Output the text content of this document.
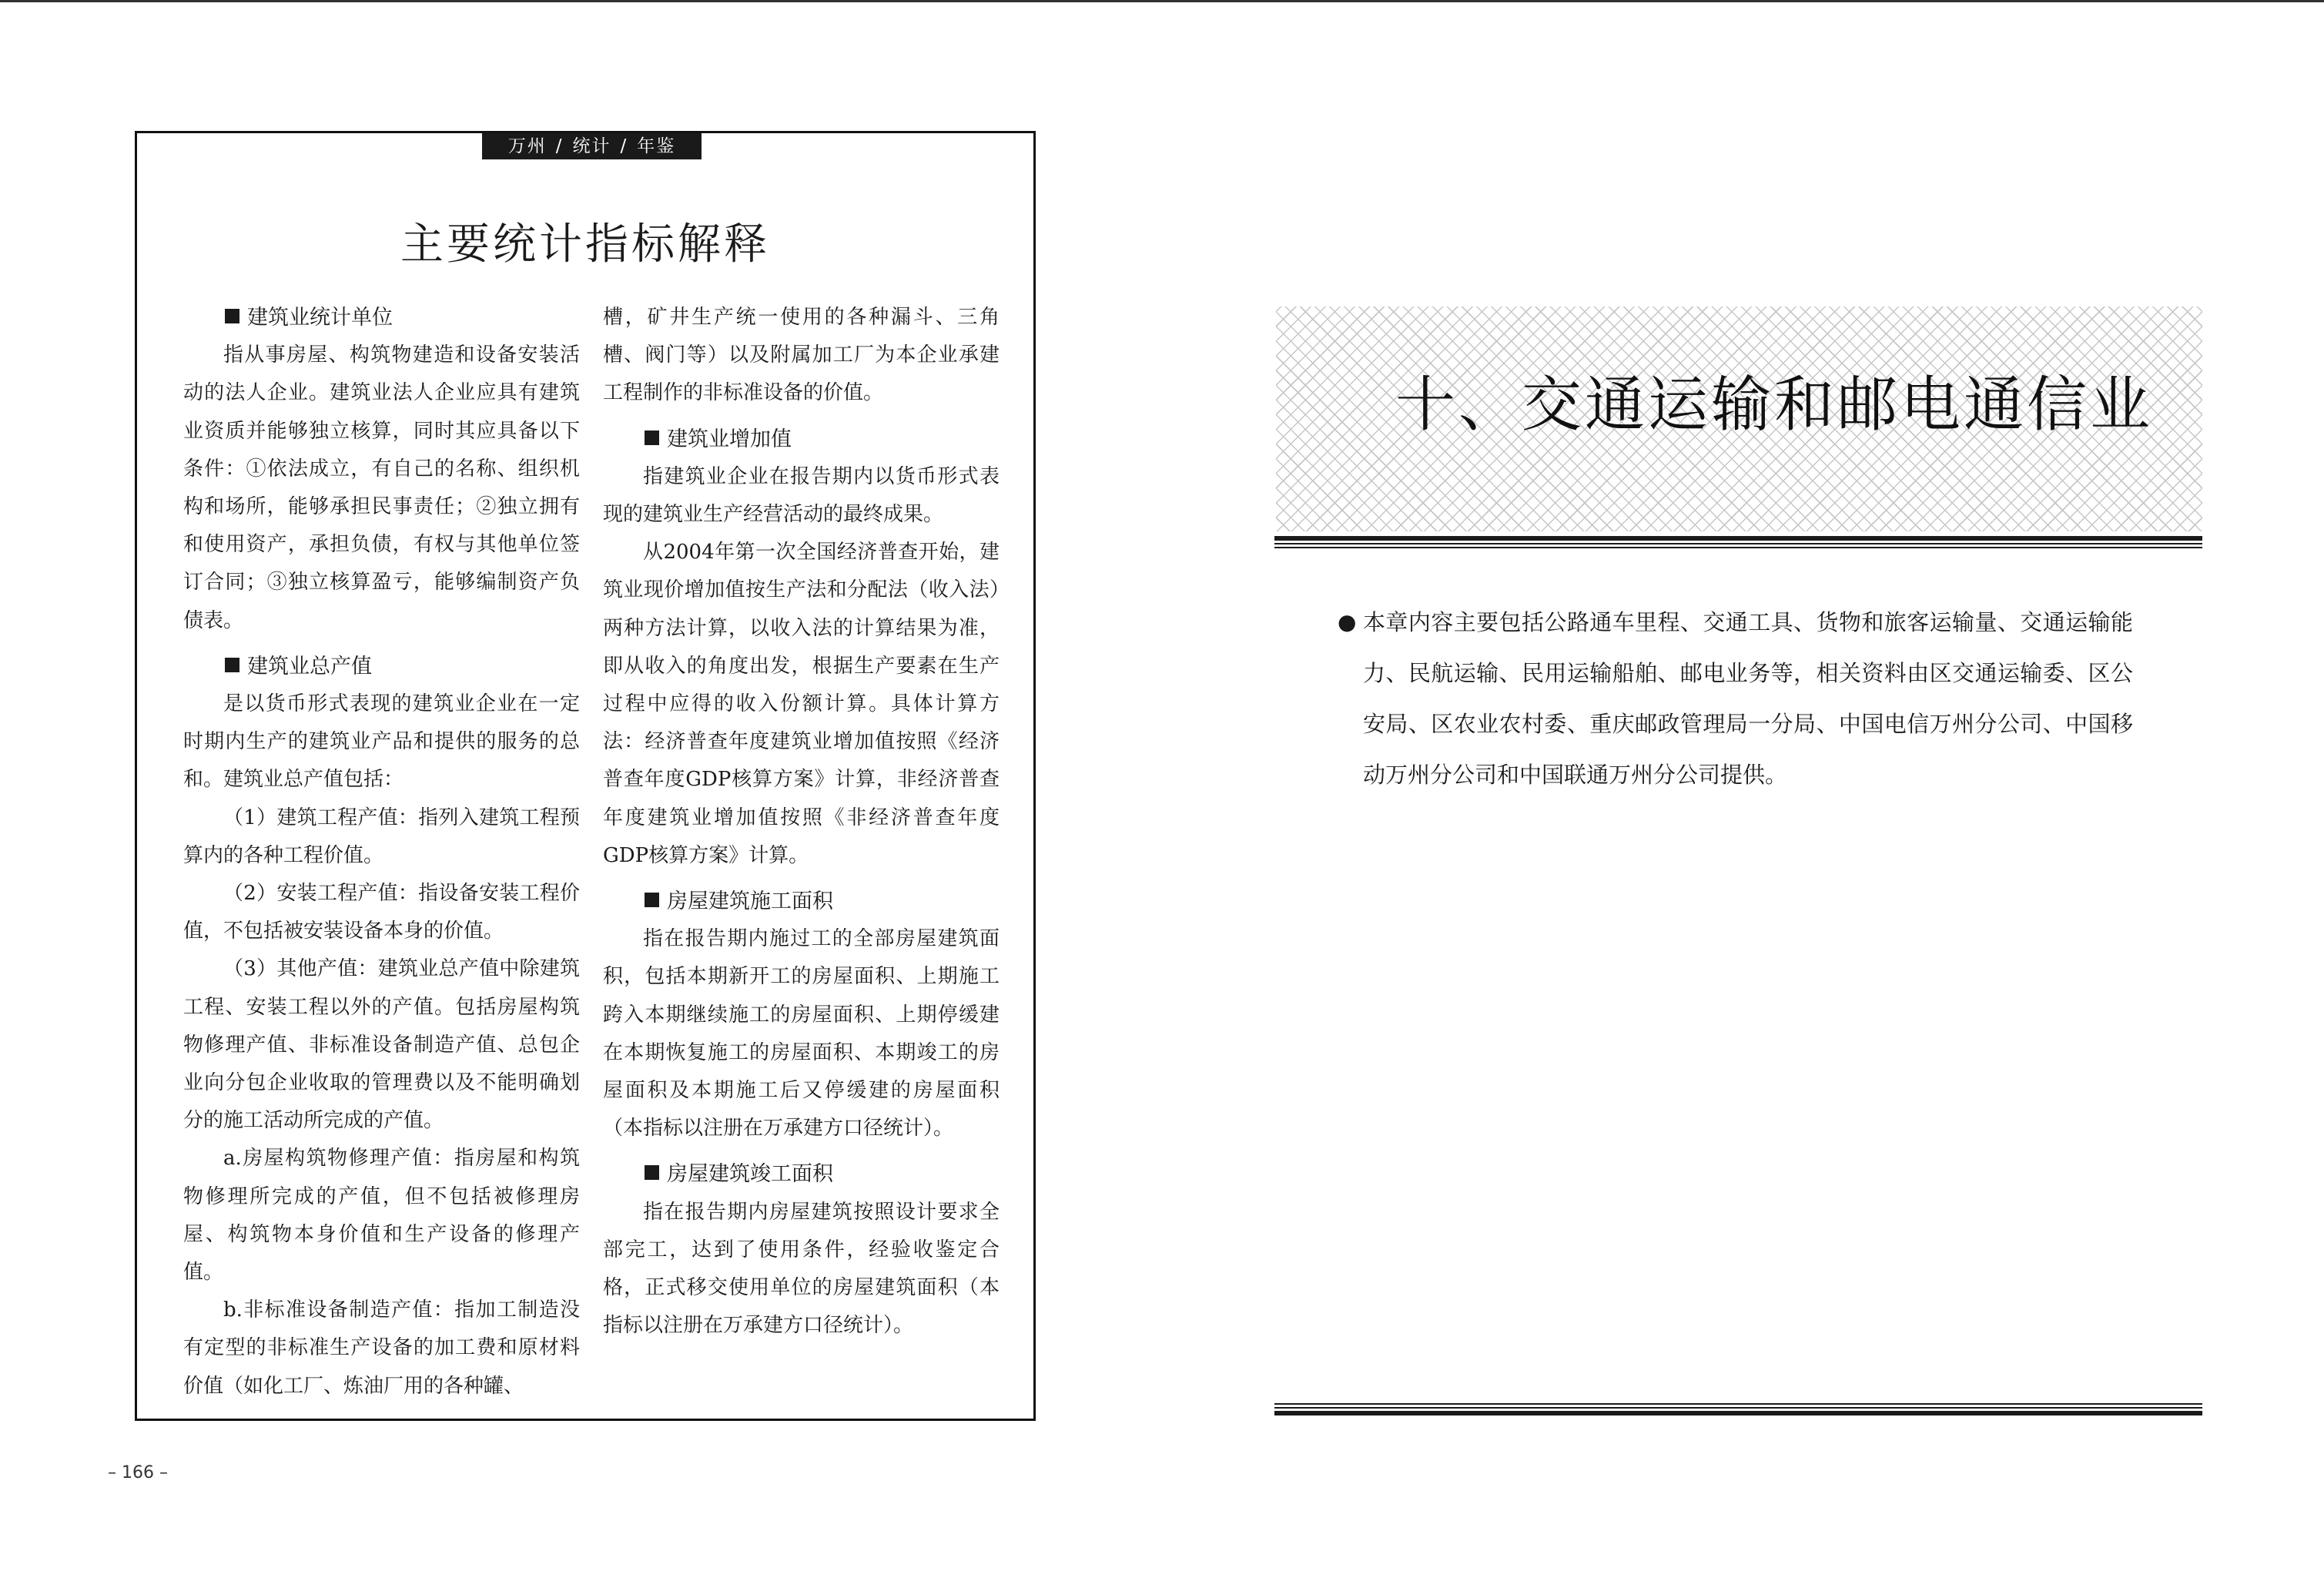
万州 / 统计 / 年鉴
主要统计指标解释
建筑业统计单位

指从事房屋、构筑物建造和设备安装活动的法人企业。建筑业法人企业应具有建筑业资质并能够独立核算，同时其应具备以下条件：①依法成立，有自己的名称、组织机构和场所，能够承担民事责任；②独立拥有和使用资产，承担负债，有权与其他单位签订合同；③独立核算盈亏，能够编制资产负债表。

建筑业总产值

是以货币形式表现的建筑业企业在一定时期内生产的建筑业产品和提供的服务的总和。建筑业总产值包括：

（1）建筑工程产值：指列入建筑工程预算内的各种工程价值。

（2）安装工程产值：指设备安装工程价值，不包括被安装设备本身的价值。

（3）其他产值：建筑业总产值中除建筑工程、安装工程以外的产值。包括房屋构筑物修理产值、非标准设备制造产值、总包企业向分包企业收取的管理费以及不能明确划分的施工活动所完成的产值。

a.房屋构筑物修理产值：指房屋和构筑物修理所完成的产值，但不包括被修理房屋、构筑物本身价值和生产设备的修理产值。

b.非标准设备制造产值：指加工制造没有定型的非标准生产设备的加工费和原材料价值（如化工厂、炼油厂用的各种罐、

槽，矿井生产统一使用的各种漏斗、三角槽、阀门等）以及附属加工厂为本企业承建工程制作的非标准设备的价值。

建筑业增加值

指建筑业企业在报告期内以货币形式表现的建筑业生产经营活动的最终成果。

从2004年第一次全国经济普查开始，建筑业现价增加值按生产法和分配法（收入法）两种方法计算，以收入法的计算结果为准，即从收入的角度出发，根据生产要素在生产过程中应得的收入份额计算。具体计算方法：经济普查年度建筑业增加值按照《经济普查年度GDP核算方案》计算，非经济普查年度建筑业增加值按照《非经济普查年度GDP核算方案》计算。

房屋建筑施工面积

指在报告期内施过工的全部房屋建筑面积，包括本期新开工的房屋面积、上期施工跨入本期继续施工的房屋面积、上期停缓建在本期恢复施工的房屋面积、本期竣工的房屋面积及本期施工后又停缓建的房屋面积（本指标以注册在万承建方口径统计）。

房屋建筑竣工面积

指在报告期内房屋建筑按照设计要求全部完工，达到了使用条件，经验收鉴定合格，正式移交使用单位的房屋建筑面积（本指标以注册在万承建方口径统计）。

– 166 –
十、交通运输和邮电通信业
● 本章内容主要包括公路通车里程、交通工具、货物和旅客运输量、交通运输能力、民航运输、民用运输船舶、邮电业务等，相关资料由区交通运输委、区公安局、区农业农村委、重庆邮政管理局一分局、中国电信万州分公司、中国移动万州分公司和中国联通万州分公司提供。
